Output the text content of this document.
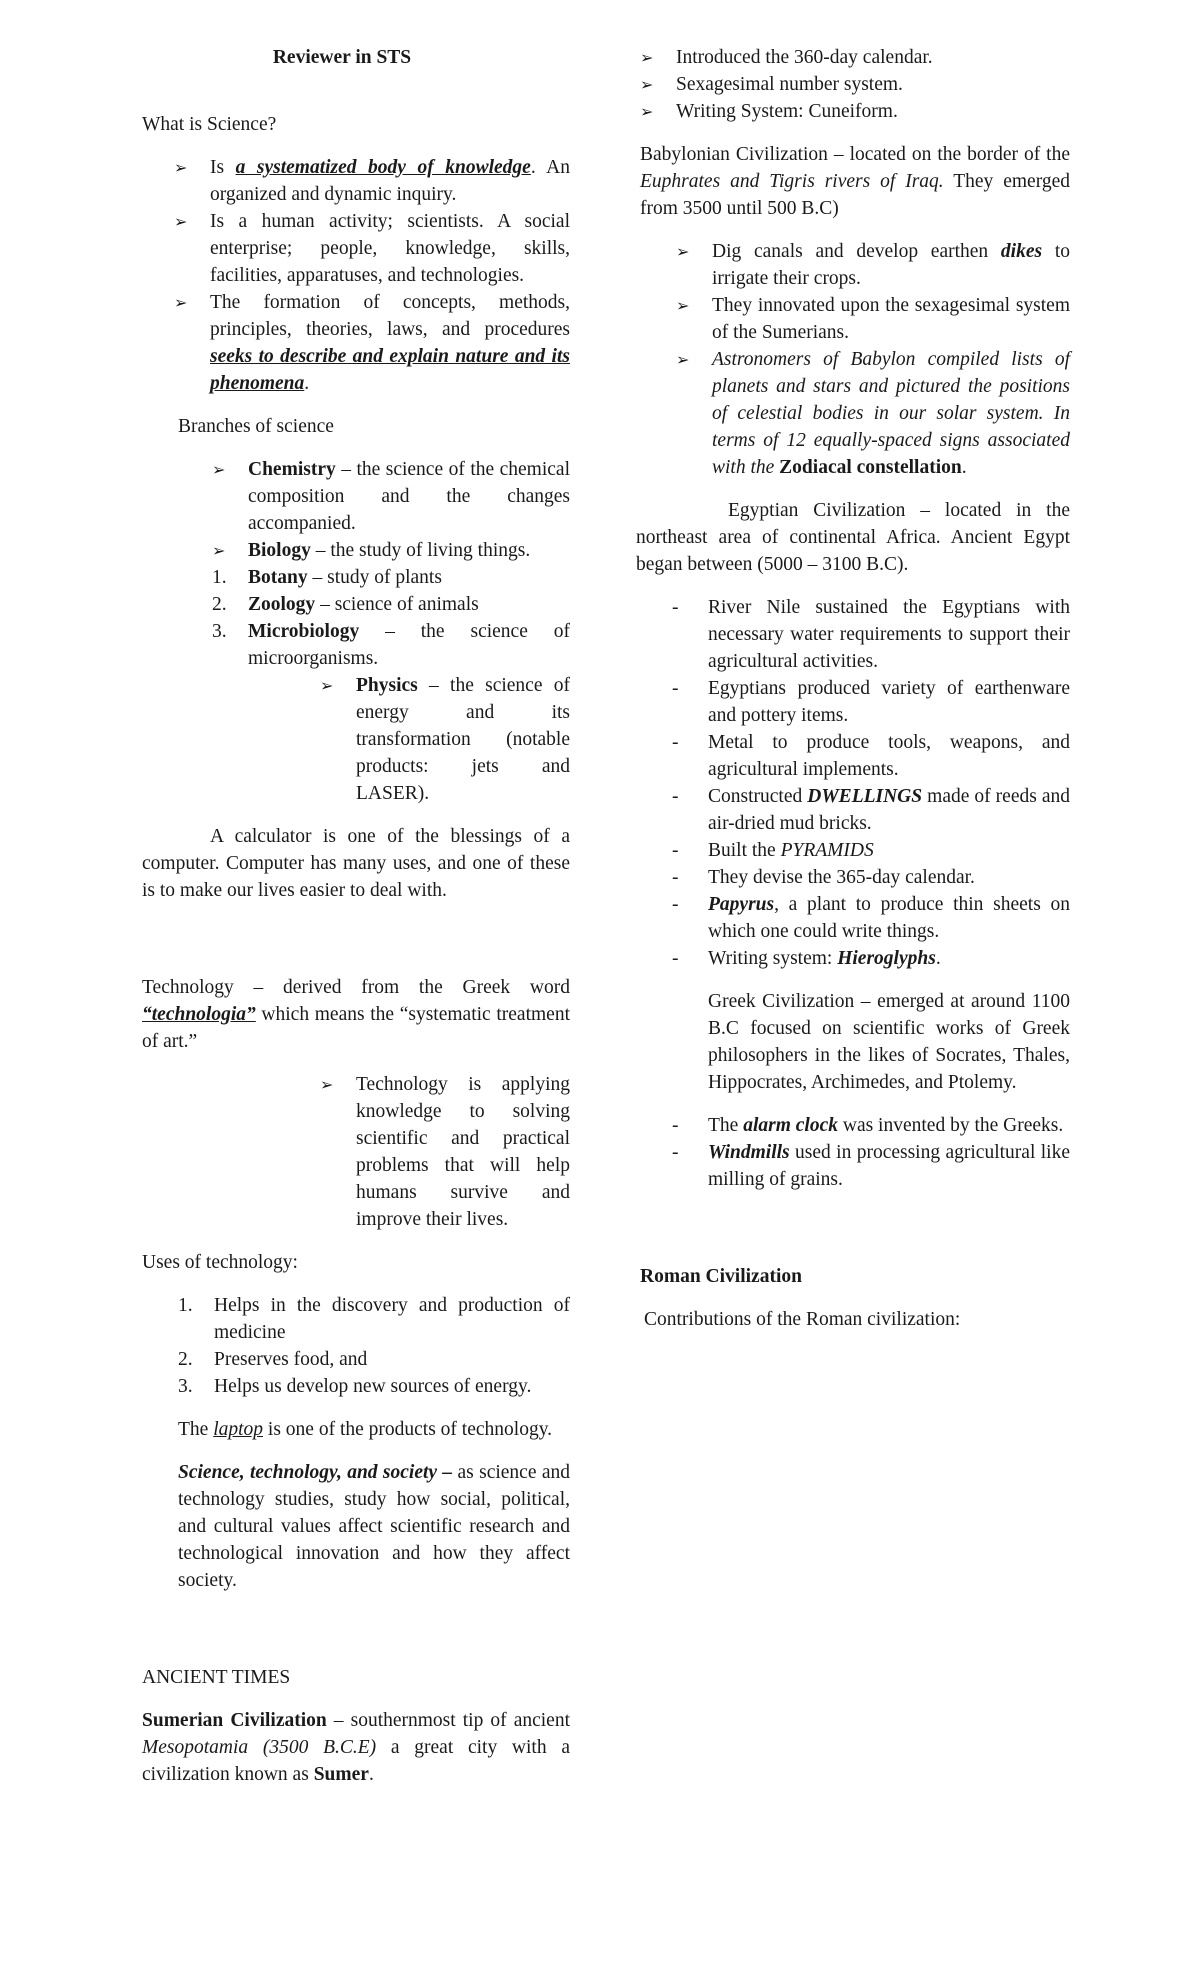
Reviewer in STS

What is Science?

➢ Is a systematized body of knowledge. An organized and dynamic inquiry.
➢ Is a human activity; scientists. A social enterprise; people, knowledge, skills, facilities, apparatuses, and technologies.
➢ The formation of concepts, methods, principles, theories, laws, and procedures seeks to describe and explain nature and its phenomena.

Branches of science

➢ Chemistry – the science of the chemical composition and the changes accompanied.
➢ Biology – the study of living things.
1. Botany – study of plants
2. Zoology – science of animals
3. Microbiology – the science of microorganisms.
➢ Physics – the science of energy and its transformation (notable products: jets and LASER).

A calculator is one of the blessings of a computer. Computer has many uses, and one of these is to make our lives easier to deal with.

Technology – derived from the Greek word “technologia” which means the “systematic treatment of art.”

➢ Technology is applying knowledge to solving scientific and practical problems that will help humans survive and improve their lives.

Uses of technology:

1. Helps in the discovery and production of medicine
2. Preserves food, and
3. Helps us develop new sources of energy.

The laptop is one of the products of technology.

Science, technology, and society – as science and technology studies, study how social, political, and cultural values affect scientific research and technological innovation and how they affect society.

ANCIENT TIMES

Sumerian Civilization – southernmost tip of ancient Mesopotamia (3500 B.C.E) a great city with a civilization known as Sumer.

➢ Introduced the 360-day calendar.
➢ Sexagesimal number system.
➢ Writing System: Cuneiform.

Babylonian Civilization – located on the border of the Euphrates and Tigris rivers of Iraq. They emerged from 3500 until 500 B.C)

➢ Dig canals and develop earthen dikes to irrigate their crops.
➢ They innovated upon the sexagesimal system of the Sumerians.
➢ Astronomers of Babylon compiled lists of planets and stars and pictured the positions of celestial bodies in our solar system. In terms of 12 equally-spaced signs associated with the Zodiacal constellation.

Egyptian Civilization – located in the northeast area of continental Africa. Ancient Egypt began between (5000 – 3100 B.C).

- River Nile sustained the Egyptians with necessary water requirements to support their agricultural activities.
- Egyptians produced variety of earthenware and pottery items.
- Metal to produce tools, weapons, and agricultural implements.
- Constructed DWELLINGS made of reeds and air-dried mud bricks.
- Built the PYRAMIDS
- They devise the 365-day calendar.
- Papyrus, a plant to produce thin sheets on which one could write things.
- Writing system: Hieroglyphs.

Greek Civilization – emerged at around 1100 B.C focused on scientific works of Greek philosophers in the likes of Socrates, Thales, Hippocrates, Archimedes, and Ptolemy.

- The alarm clock was invented by the Greeks.
- Windmills used in processing agricultural like milling of grains.

Roman Civilization

Contributions of the Roman civilization:
